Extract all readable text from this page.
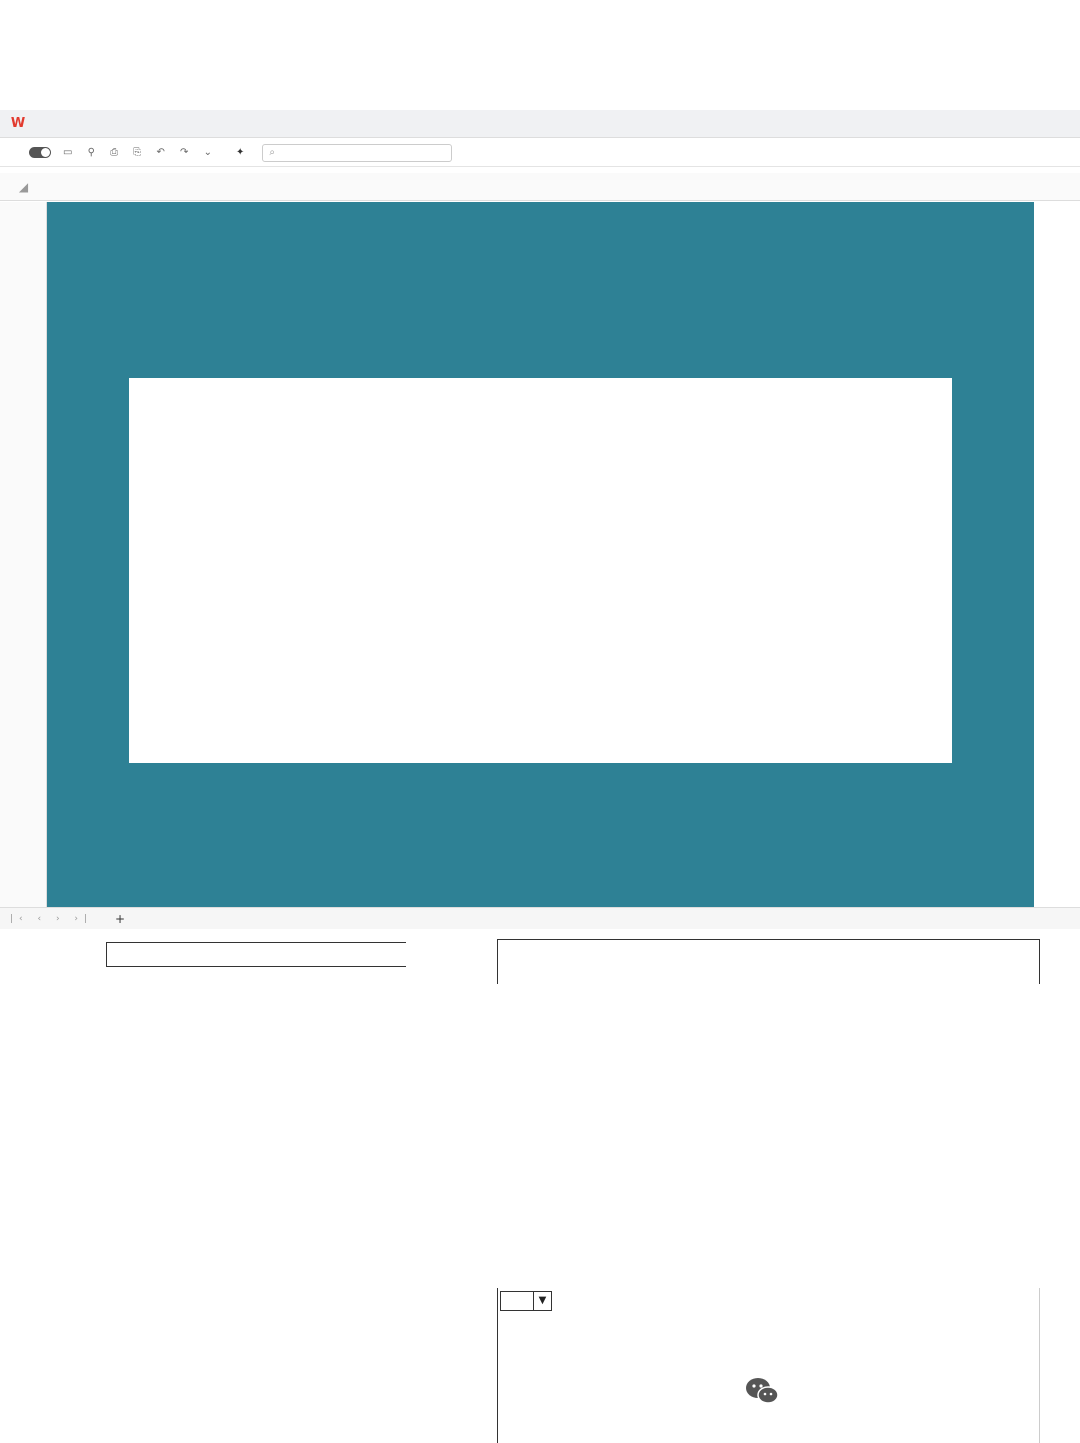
W
▭ ⚲ ⎙ ⎘ ↶ ↷ ⌄ ✦	⌕
◢
|‹ ‹ › ›|	+

▼
